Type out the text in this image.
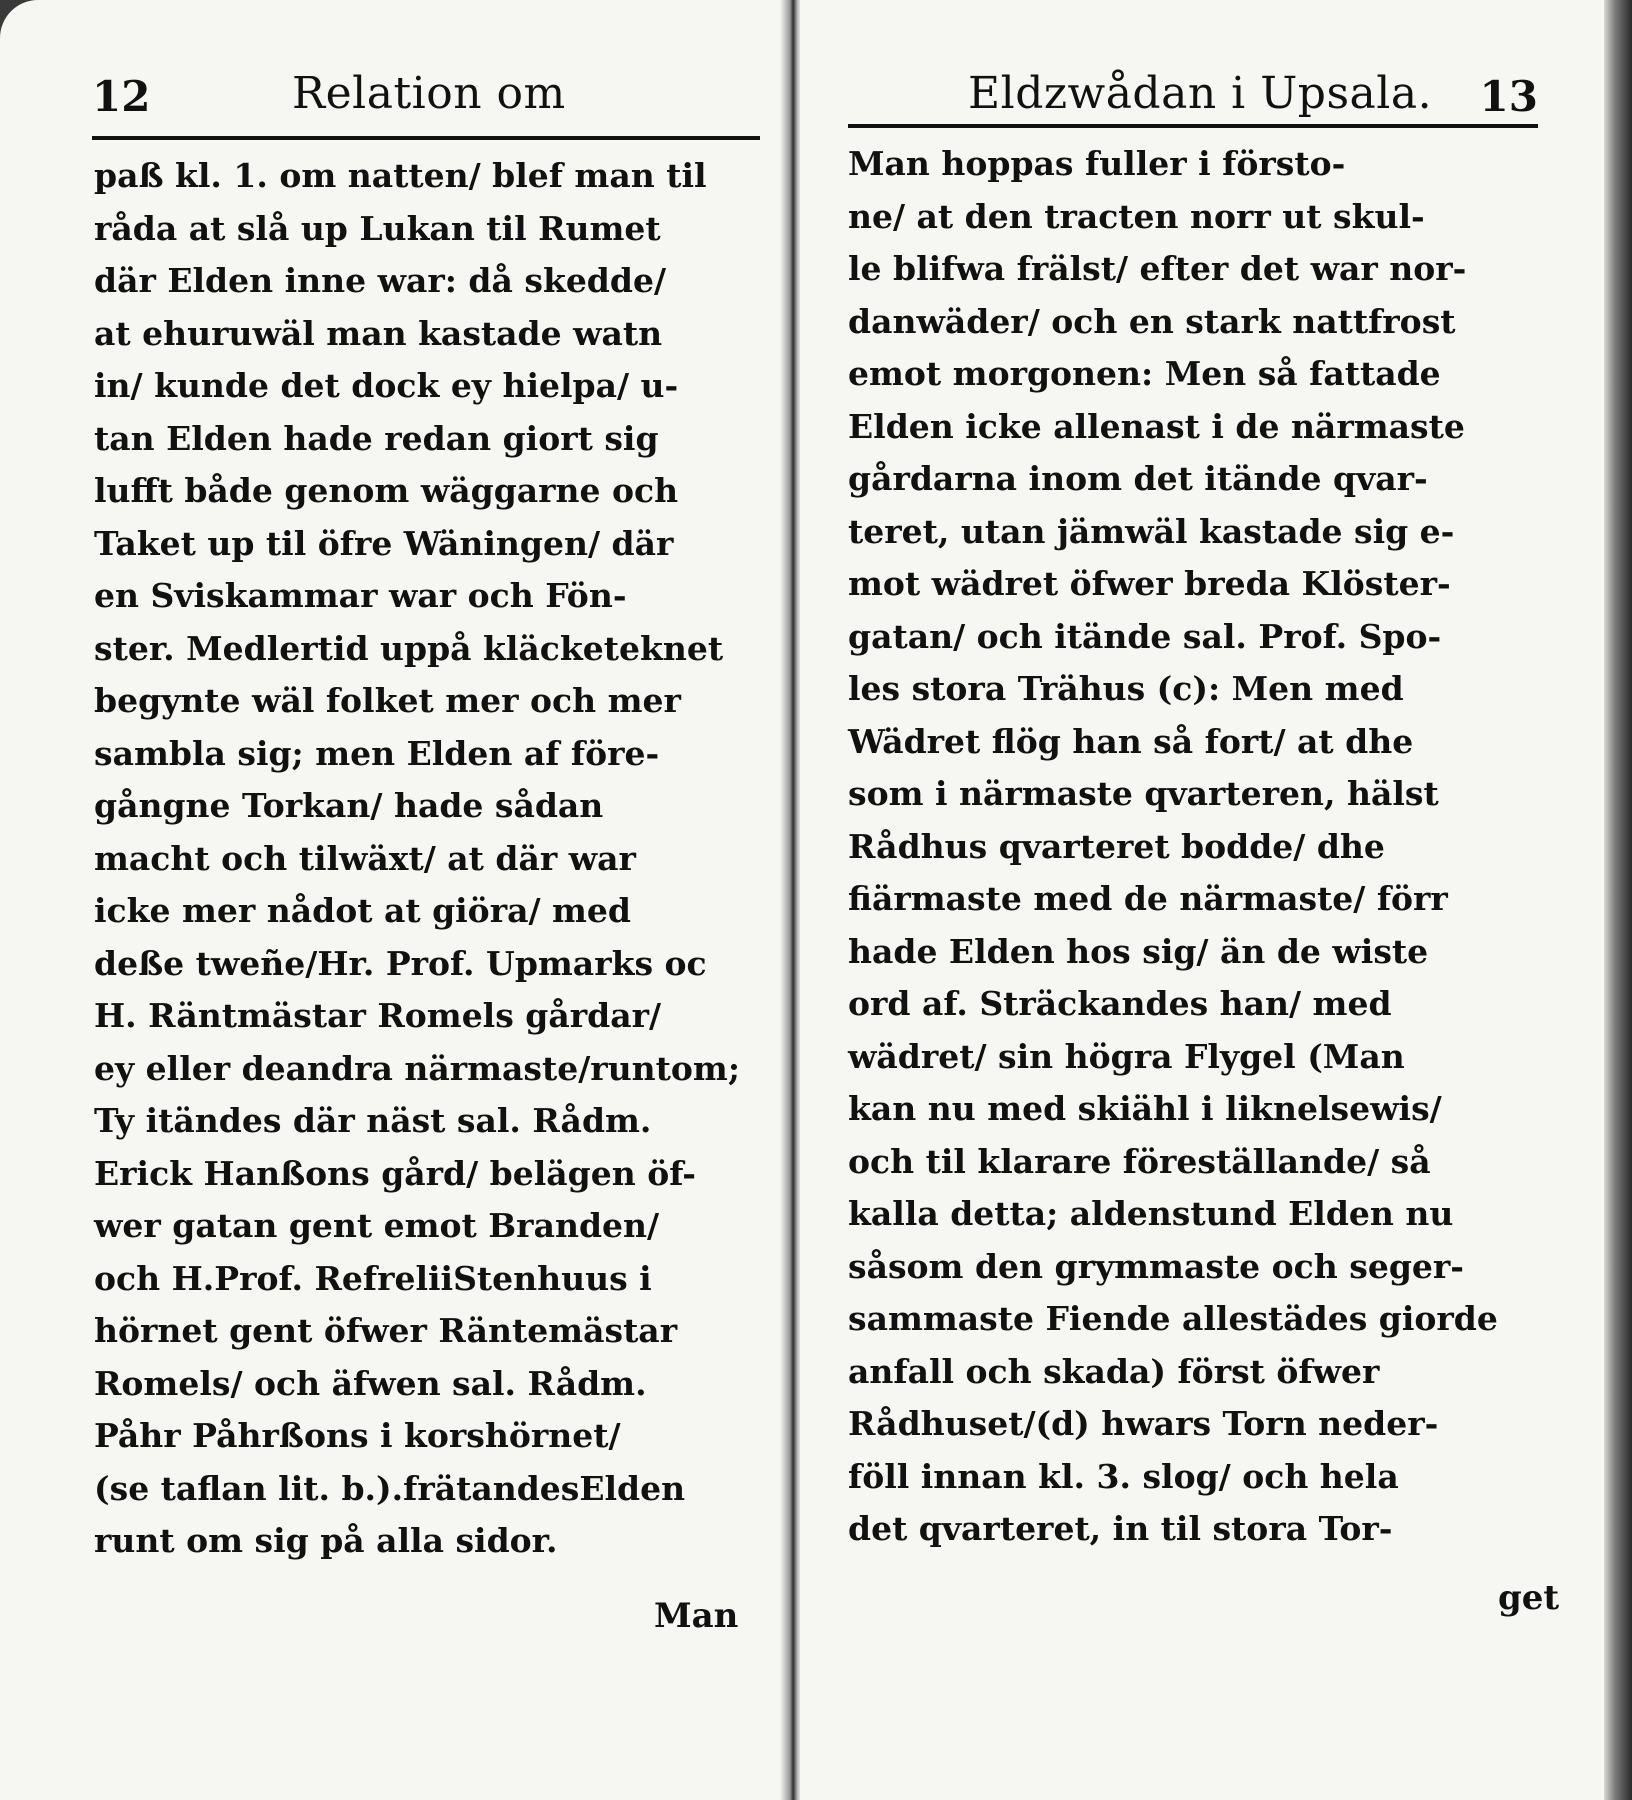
12	Relation om
paß kl. 1. om natten/ blef man til
råda at slå up Lukan til Rumet
där Elden inne war: då skedde/
at ehuruwäl man kastade watn
in/ kunde det dock ey hielpa/ u-
tan Elden hade redan giort sig
lufft både genom wäggarne och
Taket up til öfre Wäningen/ där
en Sviskammar war och Fön-
ster. Medlertid uppå kläcketeknet
begynte wäl folket mer och mer
sambla sig; men Elden af före-
gångne Torkan/ hade sådan
macht och tilwäxt/ at där war
icke mer nådot at giöra/ med
deße tweñe/Hr. Prof. Upmarks oc
H. Räntmästar Romels gårdar/
ey eller deandra närmaste/runtom;
Ty itändes där näst sal. Rådm.
Erick Hanßons gård/ belägen öf-
wer gatan gent emot Branden/
och H.Prof. RefreliiStenhuus i
hörnet gent öfwer Räntemästar
Romels/ och äfwen sal. Rådm.
Påhr Påhrßons i korshörnet/
(se taflan lit. b.).frätandesElden
runt om sig på alla sidor.
Man
Eldzwådan i Upsala. 13
Man hoppas fuller i försto-
ne/ at den tracten norr ut skul-
le blifwa frälst/ efter det war nor-
danwäder/ och en stark nattfrost
emot morgonen: Men så fattade
Elden icke allenast i de närmaste
gårdarna inom det itände qvar-
teret, utan jämwäl kastade sig e-
mot wädret öfwer breda Klöster-
gatan/ och itände sal. Prof. Spo-
les stora Trähus (c): Men med
Wädret flög han så fort/ at dhe
som i närmaste qvarteren, hälst
Rådhus qvarteret bodde/ dhe
fiärmaste med de närmaste/ förr
hade Elden hos sig/ än de wiste
ord af. Sträckandes han/ med
wädret/ sin högra Flygel (Man
kan nu med skiähl i liknelsewis/
och til klarare föreställande/ så
kalla detta; aldenstund Elden nu
såsom den grymmaste och seger-
sammaste Fiende allestädes giorde
anfall och skada) först öfwer
Rådhuset/(d) hwars Torn neder-
föll innan kl. 3. slog/ och hela
det qvarteret, in til stora Tor-
get
